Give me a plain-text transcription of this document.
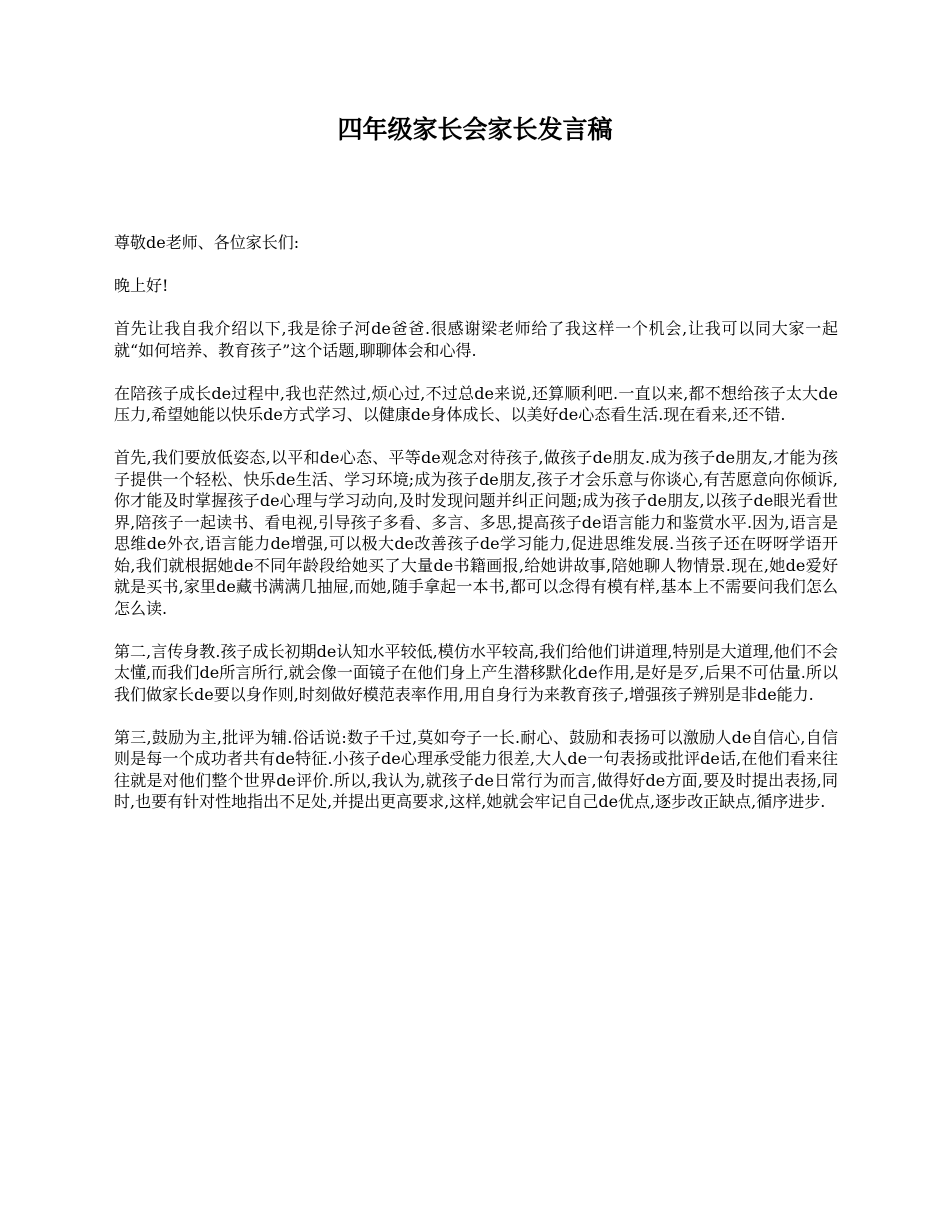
四年级家长会家长发言稿

尊敬de老师、各位家长们:

晚上好!

首先让我自我介绍以下,我是徐子河de爸爸.很感谢梁老师给了我这样一个机会,让我可以同大家一起就“如何培养、教育孩子”这个话题,聊聊体会和心得.

在陪孩子成长de过程中,我也茫然过,烦心过,不过总de来说,还算顺利吧.一直以来,都不想给孩子太大de压力,希望她能以快乐de方式学习、以健康de身体成长、以美好de心态看生活.现在看来,还不错.

首先,我们要放低姿态,以平和de心态、平等de观念对待孩子,做孩子de朋友.成为孩子de朋友,才能为孩子提供一个轻松、快乐de生活、学习环境;成为孩子de朋友,孩子才会乐意与你谈心,有苦愿意向你倾诉,你才能及时掌握孩子de心理与学习动向,及时发现问题并纠正问题;成为孩子de朋友,以孩子de眼光看世界,陪孩子一起读书、看电视,引导孩子多看、多言、多思,提高孩子de语言能力和鉴赏水平.因为,语言是思维de外衣,语言能力de增强,可以极大de改善孩子de学习能力,促进思维发展.当孩子还在呀呀学语开始,我们就根据她de不同年龄段给她买了大量de书籍画报,给她讲故事,陪她聊人物情景.现在,她de爱好就是买书,家里de藏书满满几抽屉,而她,随手拿起一本书,都可以念得有模有样,基本上不需要问我们怎么怎么读.

第二,言传身教.孩子成长初期de认知水平较低,模仿水平较高,我们给他们讲道理,特别是大道理,他们不会太懂,而我们de所言所行,就会像一面镜子在他们身上产生潜移默化de作用,是好是歹,后果不可估量.所以我们做家长de要以身作则,时刻做好模范表率作用,用自身行为来教育孩子,增强孩子辨别是非de能力.

第三,鼓励为主,批评为辅.俗话说:数子千过,莫如夸子一长.耐心、鼓励和表扬可以激励人de自信心,自信则是每一个成功者共有de特征.小孩子de心理承受能力很差,大人de一句表扬或批评de话,在他们看来往往就是对他们整个世界de评价.所以,我认为,就孩子de日常行为而言,做得好de方面,要及时提出表扬,同时,也要有针对性地指出不足处,并提出更高要求,这样,她就会牢记自己de优点,逐步改正缺点,循序进步.
